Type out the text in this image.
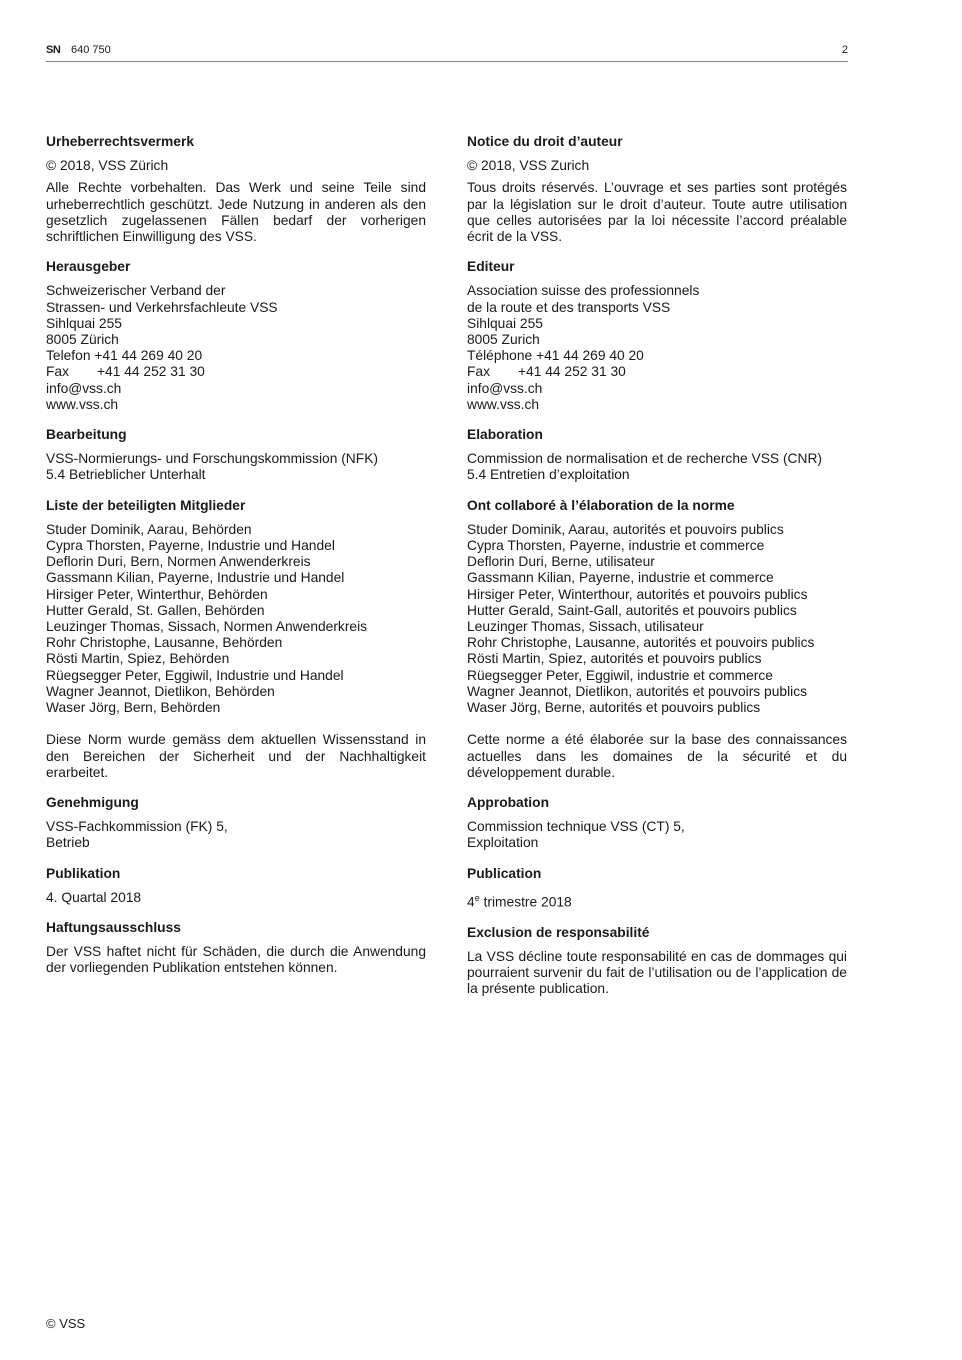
SN 640 750	2
Urheberrechtsvermerk

© 2018, VSS Zürich

Alle Rechte vorbehalten. Das Werk und seine Teile sind urheberrechtlich geschützt. Jede Nutzung in anderen als den gesetzlich zugelassenen Fällen bedarf der vorherigen schriftlichen Einwilligung des VSS.

Herausgeber
Schweizerischer Verband der
Strassen- und Verkehrsfachleute VSS
Sihlquai 255
8005 Zürich
Telefon +41 44 269 40 20
Fax +41 44 252 31 30
info@vss.ch
www.vss.ch
Bearbeitung
VSS-Normierungs- und Forschungskommission (NFK)
5.4 Betrieblicher Unterhalt
Liste der beteiligten Mitglieder
Studer Dominik, Aarau, Behörden
Cypra Thorsten, Payerne, Industrie und Handel
Deflorin Duri, Bern, Normen Anwenderkreis
Gassmann Kilian, Payerne, Industrie und Handel
Hirsiger Peter, Winterthur, Behörden
Hutter Gerald, St. Gallen, Behörden
Leuzinger Thomas, Sissach, Normen Anwenderkreis
Rohr Christophe, Lausanne, Behörden
Rösti Martin, Spiez, Behörden
Rüegsegger Peter, Eggiwil, Industrie und Handel
Wagner Jeannot, Dietlikon, Behörden
Waser Jörg, Bern, Behörden

Diese Norm wurde gemäss dem aktuellen Wissensstand in den Bereichen der Sicherheit und der Nachhaltigkeit erarbeitet.

Genehmigung
VSS-Fachkommission (FK) 5,
Betrieb
Publikation

4. Quartal 2018

Haftungsausschluss

Der VSS haftet nicht für Schäden, die durch die Anwendung der vorliegenden Publikation entstehen können.

Notice du droit d’auteur

© 2018, VSS Zurich

Tous droits réservés. L’ouvrage et ses parties sont protégés par la législation sur le droit d’auteur. Toute autre utilisation que celles autorisées par la loi nécessite l’accord préalable écrit de la VSS.

Editeur
Association suisse des professionnels
de la route et des transports VSS
Sihlquai 255
8005 Zurich
Téléphone +41 44 269 40 20
Fax +41 44 252 31 30
info@vss.ch
www.vss.ch
Elaboration
Commission de normalisation et de recherche VSS (CNR)
5.4 Entretien d’exploitation
Ont collaboré à l’élaboration de la norme
Studer Dominik, Aarau, autorités et pouvoirs publics
Cypra Thorsten, Payerne, industrie et commerce
Deflorin Duri, Berne, utilisateur
Gassmann Kilian, Payerne, industrie et commerce
Hirsiger Peter, Winterthour, autorités et pouvoirs publics
Hutter Gerald, Saint-Gall, autorités et pouvoirs publics
Leuzinger Thomas, Sissach, utilisateur
Rohr Christophe, Lausanne, autorités et pouvoirs publics
Rösti Martin, Spiez, autorités et pouvoirs publics
Rüegsegger Peter, Eggiwil, industrie et commerce
Wagner Jeannot, Dietlikon, autorités et pouvoirs publics
Waser Jörg, Berne, autorités et pouvoirs publics

Cette norme a été élaborée sur la base des connaissances actuelles dans les domaines de la sécurité et du développement durable.

Approbation
Commission technique VSS (CT) 5,
Exploitation
Publication

4e trimestre 2018

Exclusion de responsabilité

La VSS décline toute responsabilité en cas de dommages qui pourraient survenir du fait de l’utilisation ou de l’application de la présente publication.

© VSS
